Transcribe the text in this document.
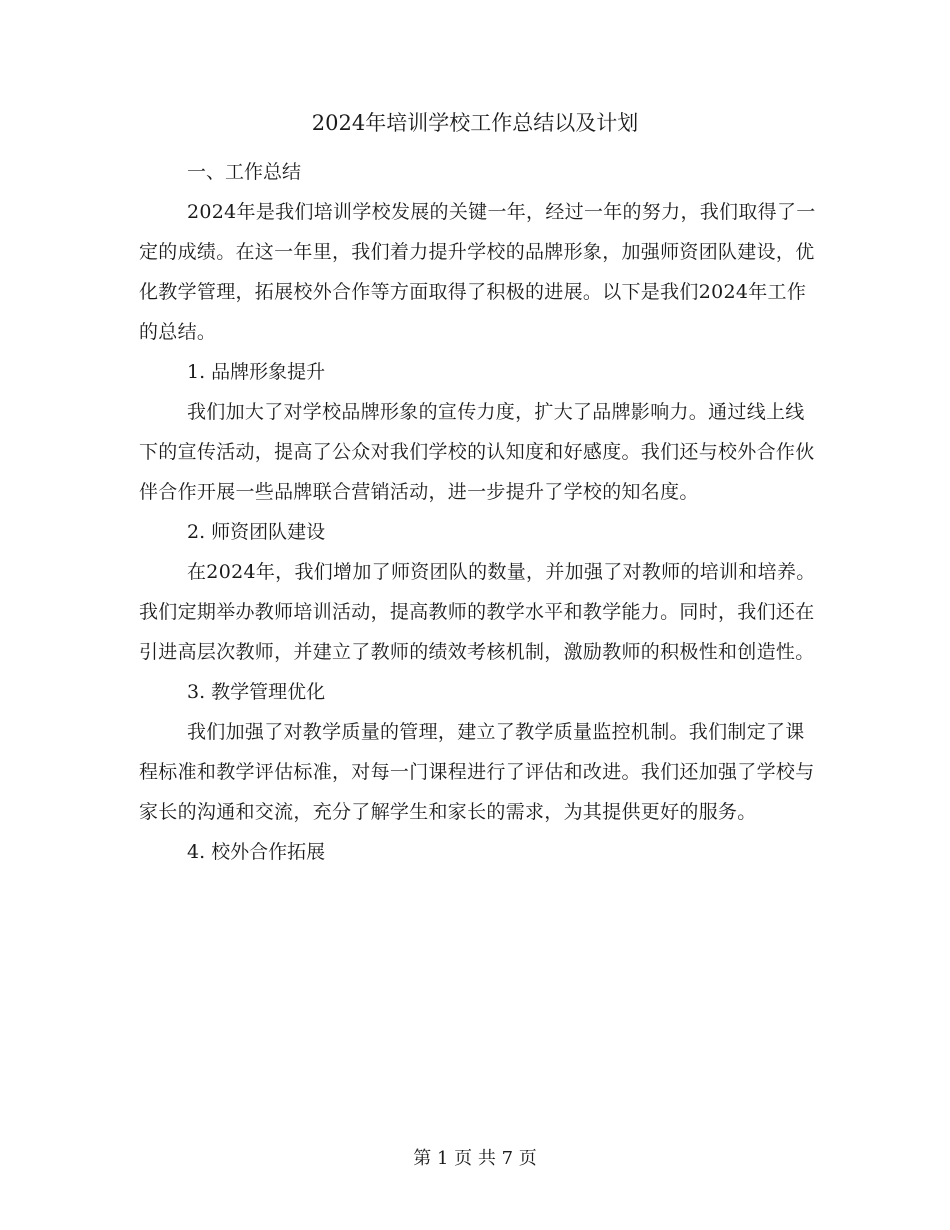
2024年培训学校工作总结以及计划

一、工作总结

2024年是我们培训学校发展的关键一年，经过一年的努力，我们取得了一定的成绩。在这一年里，我们着力提升学校的品牌形象，加强师资团队建设，优化教学管理，拓展校外合作等方面取得了积极的进展。以下是我们2024年工作的总结。

1. 品牌形象提升

我们加大了对学校品牌形象的宣传力度，扩大了品牌影响力。通过线上线下的宣传活动，提高了公众对我们学校的认知度和好感度。我们还与校外合作伙伴合作开展一些品牌联合营销活动，进一步提升了学校的知名度。

2. 师资团队建设

在2024年，我们增加了师资团队的数量，并加强了对教师的培训和培养。我们定期举办教师培训活动，提高教师的教学水平和教学能力。同时，我们还在引进高层次教师，并建立了教师的绩效考核机制，激励教师的积极性和创造性。

3. 教学管理优化

我们加强了对教学质量的管理，建立了教学质量监控机制。我们制定了课程标准和教学评估标准，对每一门课程进行了评估和改进。我们还加强了学校与家长的沟通和交流，充分了解学生和家长的需求，为其提供更好的服务。

4. 校外合作拓展

第 1 页 共 7 页
